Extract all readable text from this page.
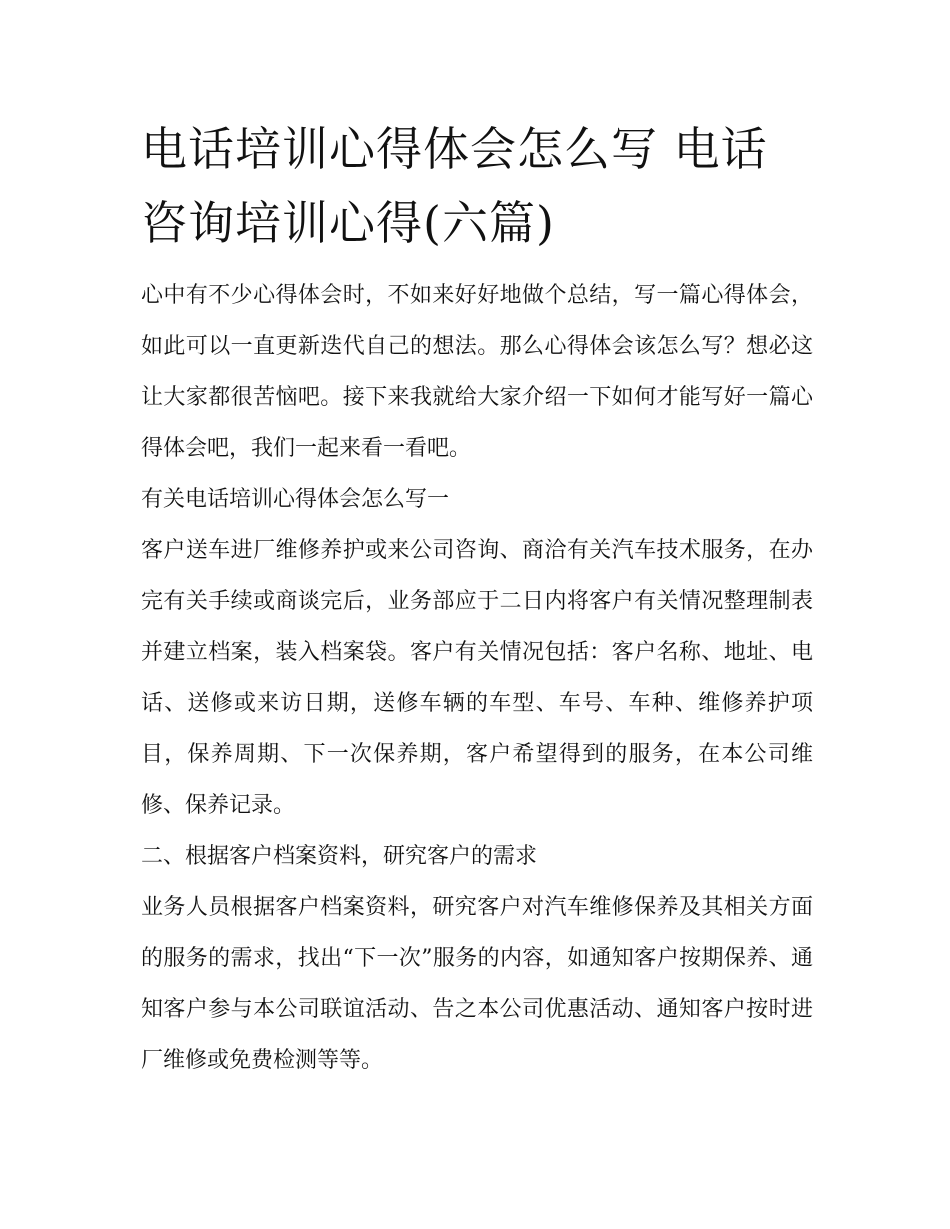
电话培训心得体会怎么写 电话咨询培训心得(六篇)

心中有不少心得体会时，不如来好好地做个总结，写一篇心得体会，如此可以一直更新迭代自己的想法。那么心得体会该怎么写？想必这让大家都很苦恼吧。接下来我就给大家介绍一下如何才能写好一篇心得体会吧，我们一起来看一看吧。

有关电话培训心得体会怎么写一

客户送车进厂维修养护或来公司咨询、商洽有关汽车技术服务，在办完有关手续或商谈完后，业务部应于二日内将客户有关情况整理制表并建立档案，装入档案袋。客户有关情况包括：客户名称、地址、电话、送修或来访日期，送修车辆的车型、车号、车种、维修养护项目，保养周期、下一次保养期，客户希望得到的服务，在本公司维修、保养记录。

二、根据客户档案资料，研究客户的需求

业务人员根据客户档案资料，研究客户对汽车维修保养及其相关方面的服务的需求，找出“下一次”服务的内容，如通知客户按期保养、通知客户参与本公司联谊活动、告之本公司优惠活动、通知客户按时进厂维修或免费检测等等。
